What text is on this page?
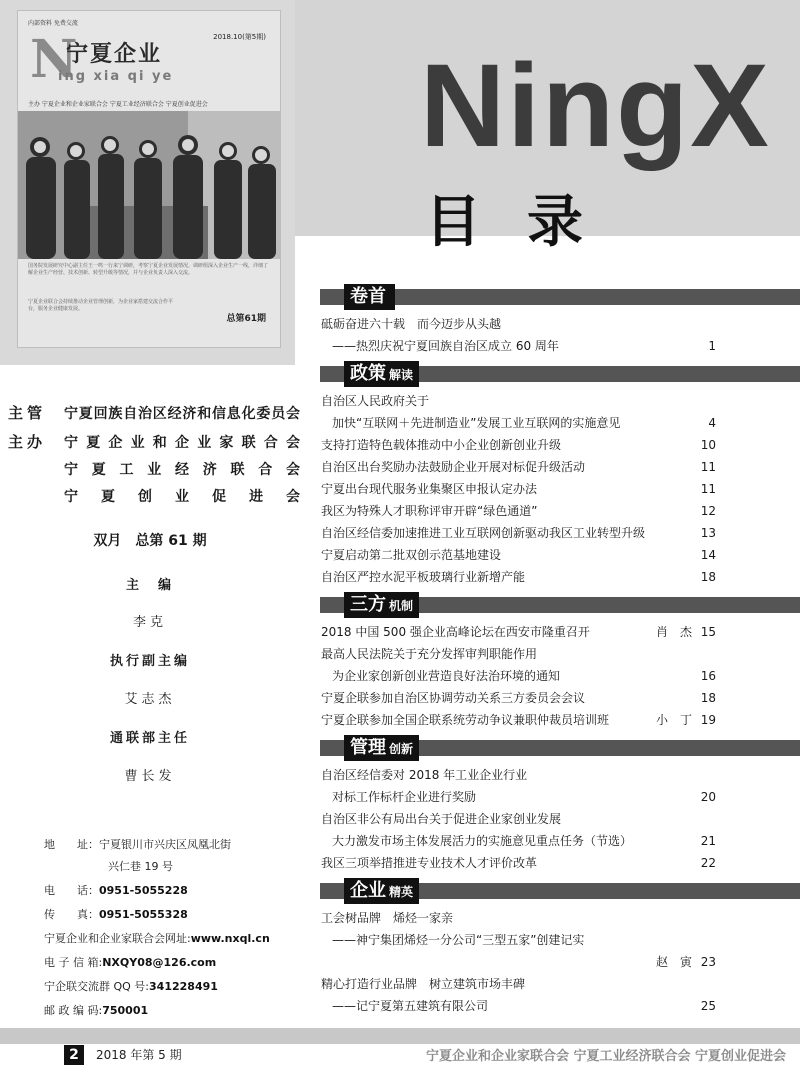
NingX
目录
内部资料 免费交流
2018.10(第5期)
N
宁夏企业
ing xia qi ye
主办 宁夏企业和企业家联合会 宁夏工业经济联合会 宁夏创业促进会
国务院发展研究中心副主任王一鸣一行来宁调研，考察宁夏企业发展情况。调研组深入企业生产一线，详细了解企业生产经营、技术创新、转型升级等情况，并与企业负责人深入交流。
宁夏企业联合会持续推动企业管理创新，为企业家搭建交流合作平台，服务企业健康发展。
总第61期
主管 宁夏回族自治区经济和信息化委员会
主办 宁夏企业和企业家联合会
宁夏工业经济联合会
宁夏创业促进会
双月　总第 61 期
主　编
李克
执行副主编
艾志杰
通联部主任
曹长发
地　　址：宁夏银川市兴庆区凤凰北街
兴仁巷 19 号
电　　话：0951-5055228
传　　真：0951-5055328
宁夏企业和企业家联合会网址:www.nxql.cn
电 子 信 箱:NXQY08@126.com
宁企联交流群 QQ 号:341228491
邮 政 编 码:750001
卷首
砥砺奋进六十载　而今迈步从头越
——热烈庆祝宁夏回族自治区成立 60 周年	1
政策 解读
自治区人民政府关于
加快“互联网＋先进制造业”发展工业互联网的实施意见	4
支持打造特色载体推动中小企业创新创业升级	10
自治区出台奖励办法鼓励企业开展对标促升级活动	11
宁夏出台现代服务业集聚区申报认定办法	11
我区为特殊人才职称评审开辟“绿色通道”	12
自治区经信委加速推进工业互联网创新驱动我区工业转型升级	13
宁夏启动第二批双创示范基地建设	14
自治区严控水泥平板玻璃行业新增产能	18
三方 机制
2018 中国 500 强企业高峰论坛在西安市隆重召开	肖　杰 15
最高人民法院关于充分发挥审判职能作用
为企业家创新创业营造良好法治环境的通知	16
宁夏企联参加自治区协调劳动关系三方委员会会议	18
宁夏企联参加全国企联系统劳动争议兼职仲裁员培训班	小　丁 19
管理 创新
自治区经信委对 2018 年工业企业行业
对标工作标杆企业进行奖励	20
自治区非公有局出台关于促进企业家创业发展
大力激发市场主体发展活力的实施意见重点任务（节选）	21
我区三项举措推进专业技术人才评价改革	22
企业 精英
工会树品牌　烯烃一家亲
——神宁集团烯烃一分公司“三型五家”创建记实
赵　寅 23
精心打造行业品牌　树立建筑市场丰碑
——记宁夏第五建筑有限公司	25
2	2018 年第 5 期	宁夏企业和企业家联合会 宁夏工业经济联合会 宁夏创业促进会
